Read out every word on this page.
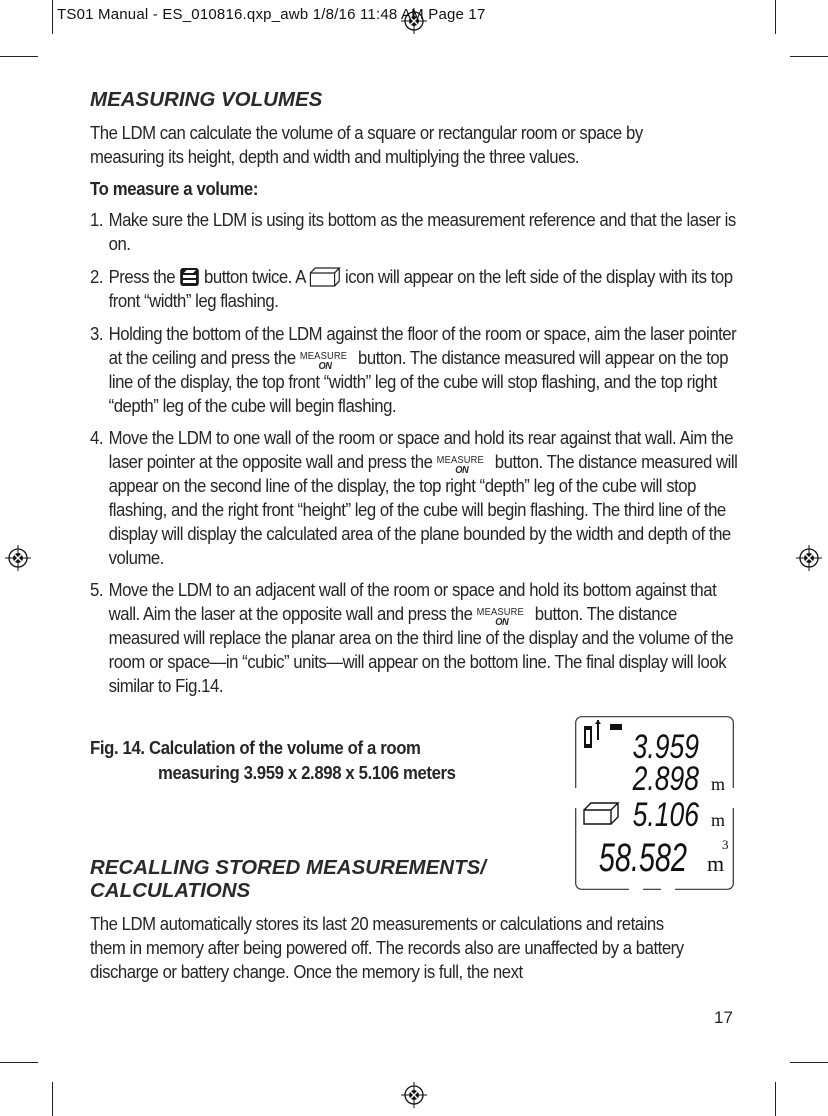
TS01 Manual - ES_010816.qxp_awb 1/8/16 11:48 AM Page 17
MEASURING VOLUMES
The LDM can calculate the volume of a square or rectangular room or space by measuring its height, depth and width and multiplying the three values.
To measure a volume:
1. Make sure the LDM is using its bottom as the measurement reference and that the laser is on.
2. Press the button twice. A icon will appear on the left side of the display with its top front “width” leg flashing.
3. Holding the bottom of the LDM against the floor of the room or space, aim the laser pointer at the ceiling and press the MEASURE
ON button. The distance measured will appear on the top line of the display, the top front “width” leg of the cube will stop flashing, and the top right “depth” leg of the cube will begin flashing.
4. Move the LDM to one wall of the room or space and hold its rear against that wall. Aim the laser pointer at the opposite wall and press the MEASURE
ON button. The distance measured will appear on the second line of the display, the top right “depth” leg of the cube will stop flashing, and the right front “height” leg of the cube will begin flashing. The third line of the display will display the calculated area of the plane bounded by the width and depth of the volume.
5. Move the LDM to an adjacent wall of the room or space and hold its bottom against that wall. Aim the laser at the opposite wall and press the MEASURE
ON button. The distance measured will replace the planar area on the third line of the display and the volume of the room or space—in “cubic” units—will appear on the bottom line. The final display will look similar to Fig.14.
Fig. 14. Calculation of the volume of a room
measuring 3.959 x 2.898 x 5.106 meters
3.959
2.898 m
5.106 m
58.582 m
3
RECALLING STORED MEASUREMENTS/
CALCULATIONS
The LDM automatically stores its last 20 measurements or calculations and retains them in memory after being powered off. The records also are unaffected by a battery discharge or battery change. Once the memory is full, the next
17
